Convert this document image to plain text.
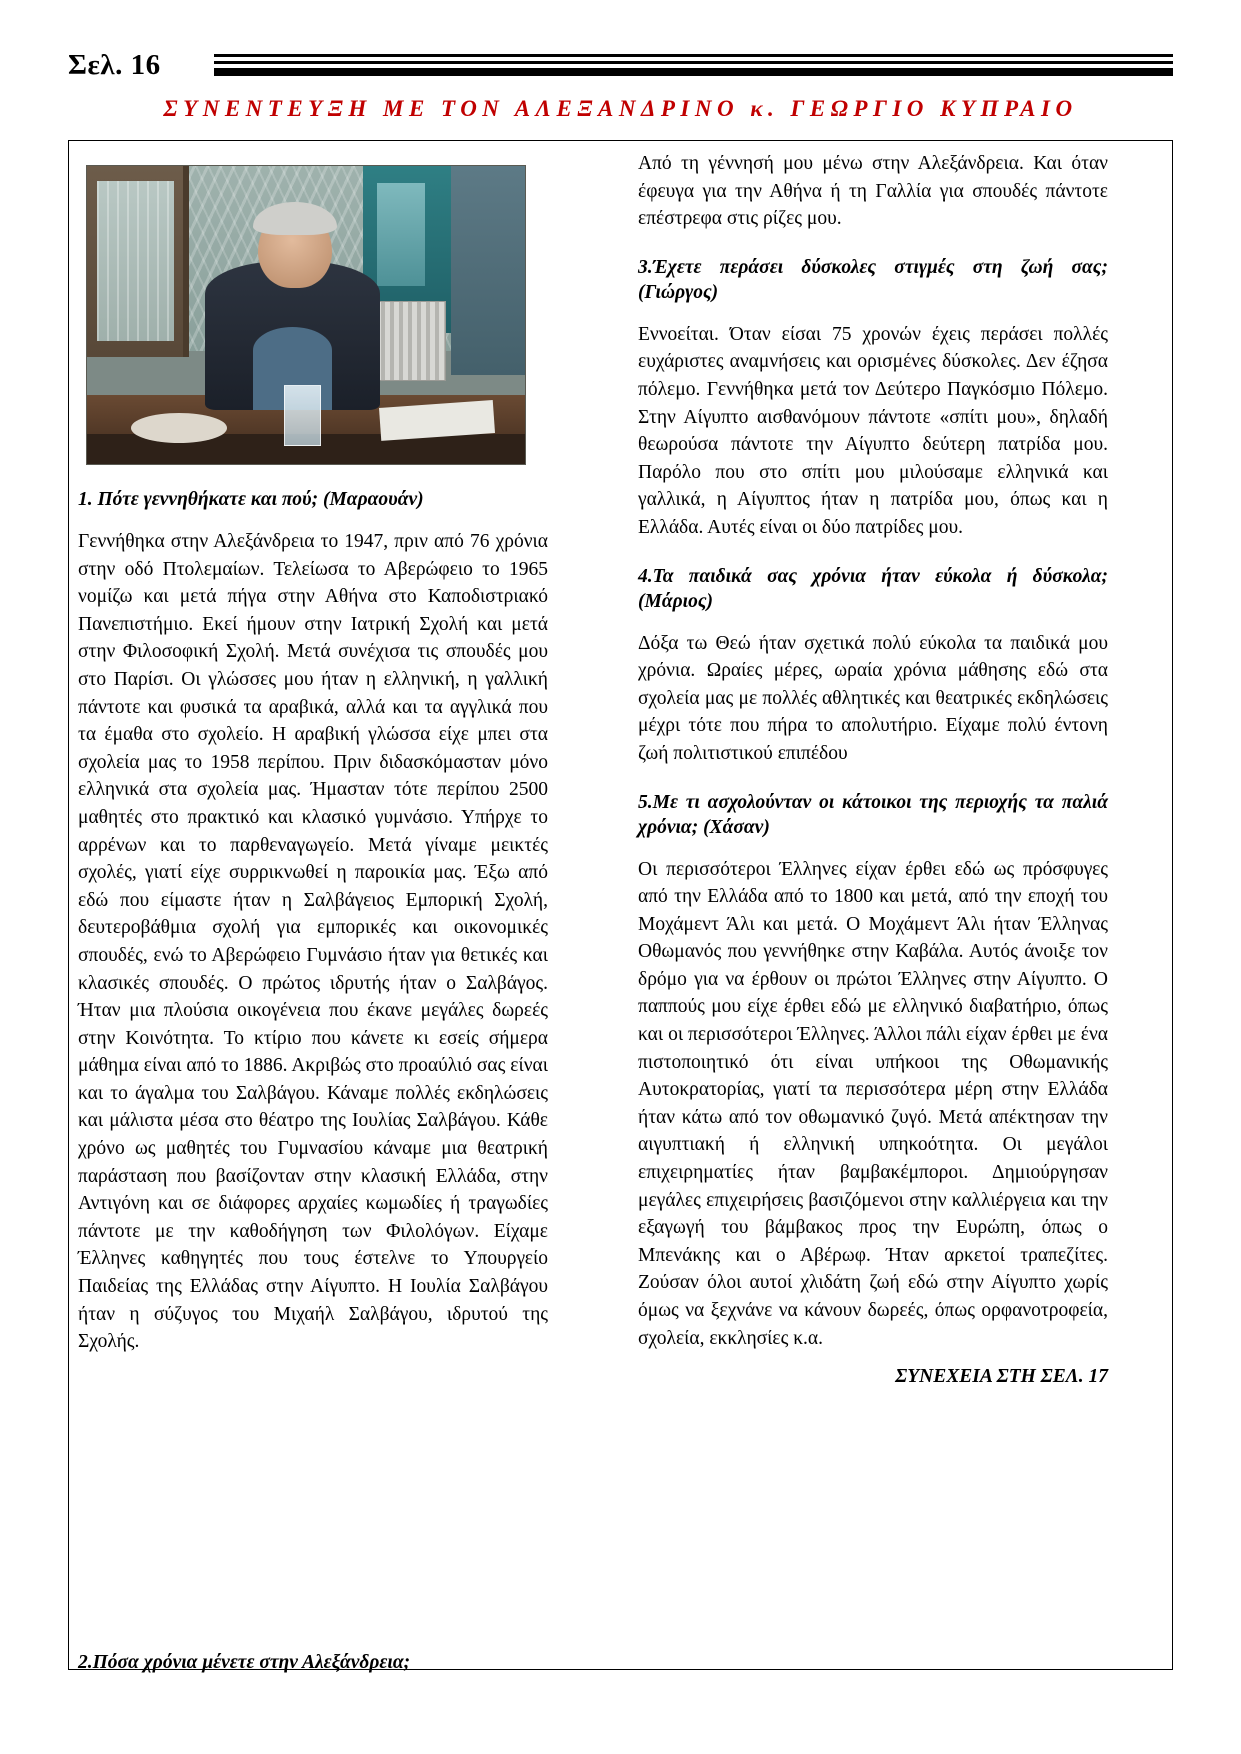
Σελ. 16
ΣΥΝΕΝΤΕΥΞΗ ΜΕ ΤΟΝ ΑΛΕΞΑΝΔΡΙΝΟ κ. ΓΕΩΡΓΙΟ ΚΥΠΡΑΙΟ
1. Πότε γεννηθήκατε και πού; (Μαραουάν)
Γεννήθηκα στην Αλεξάνδρεια το 1947, πριν από 76 χρόνια στην οδό Πτολεμαίων. Τελείωσα το Αβερώφειο το 1965 νομίζω και μετά πήγα στην Αθήνα στο Καποδιστριακό Πανεπιστήμιο. Εκεί ήμουν στην Ιατρική Σχολή και μετά στην Φιλοσοφική Σχολή. Μετά συνέχισα τις σπουδές μου στο Παρίσι. Οι γλώσσες μου ήταν η ελληνική, η γαλλική πάντοτε και φυσικά τα αραβικά, αλλά και τα αγγλικά που τα έμαθα στο σχολείο. Η αραβική γλώσσα είχε μπει στα σχολεία μας το 1958 περίπου. Πριν διδασκόμασταν μόνο ελληνικά στα σχολεία μας. Ήμασταν τότε περίπου 2500 μαθητές στο πρακτικό και κλασικό γυμνάσιο. Υπήρχε το αρρένων και το παρθεναγωγείο. Μετά γίναμε μεικτές σχολές, γιατί είχε συρρικνωθεί η παροικία μας. Έξω από εδώ που είμαστε ήταν η Σαλβάγειος Εμπορική Σχολή, δευτεροβάθμια σχολή για εμπορικές και οικονομικές σπουδές, ενώ το Αβερώφειο Γυμνάσιο ήταν για θετικές και κλασικές σπουδές. Ο πρώτος ιδρυτής ήταν ο Σαλβάγος. Ήταν μια πλούσια οικογένεια που έκανε μεγάλες δωρεές στην Κοινότητα. Το κτίριο που κάνετε κι εσείς σήμερα μάθημα είναι από το 1886. Ακριβώς στο προαύλιό σας είναι και το άγαλμα του Σαλβάγου. Κάναμε πολλές εκδηλώσεις και μάλιστα μέσα στο θέατρο της Ιουλίας Σαλβάγου. Κάθε χρόνο ως μαθητές του Γυμνασίου κάναμε μια θεατρική παράσταση που βασίζονταν στην κλασική Ελλάδα, στην Αντιγόνη και σε διάφορες αρχαίες κωμωδίες ή τραγωδίες πάντοτε με την καθοδήγηση των Φιλολόγων. Είχαμε Έλληνες καθηγητές που τους έστελνε το Υπουργείο Παιδείας της Ελλάδας στην Αίγυπτο. Η Ιουλία Σαλβάγου ήταν η σύζυγος του Μιχαήλ Σαλβάγου, ιδρυτού της Σχολής.
2.Πόσα χρόνια μένετε στην Αλεξάνδρεια;
Από τη γέννησή μου μένω στην Αλεξάνδρεια. Και όταν έφευγα για την Αθήνα ή τη Γαλλία για σπουδές πάντοτε επέστρεφα στις ρίζες μου.
3.Έχετε περάσει δύσκολες στιγμές στη ζωή σας; (Γιώργος)
Εννοείται. Όταν είσαι 75 χρονών έχεις περάσει πολλές ευχάριστες αναμνήσεις και ορισμένες δύσκολες. Δεν έζησα πόλεμο. Γεννήθηκα μετά τον Δεύτερο Παγκόσμιο Πόλεμο. Στην Αίγυπτο αισθανόμουν πάντοτε «σπίτι μου», δηλαδή θεωρούσα πάντοτε την Αίγυπτο δεύτερη πατρίδα μου. Παρόλο που στο σπίτι μου μιλούσαμε ελληνικά και γαλλικά, η Αίγυπτος ήταν η πατρίδα μου, όπως και η Ελλάδα. Αυτές είναι οι δύο πατρίδες μου.
4.Τα παιδικά σας χρόνια ήταν εύκολα ή δύσκολα; (Μάριος)
Δόξα τω Θεώ ήταν σχετικά πολύ εύκολα τα παιδικά μου χρόνια. Ωραίες μέρες, ωραία χρόνια μάθησης εδώ στα σχολεία μας με πολλές αθλητικές και θεατρικές εκδηλώσεις μέχρι τότε που πήρα το απολυτήριο. Είχαμε πολύ έντονη ζωή πολιτιστικού επιπέδου
5.Με τι ασχολούνταν οι κάτοικοι της περιοχής τα παλιά χρόνια; (Χάσαν)
Οι περισσότεροι Έλληνες είχαν έρθει εδώ ως πρόσφυγες από την Ελλάδα από το 1800 και μετά, από την εποχή του Μοχάμεντ Άλι και μετά. Ο Μοχάμεντ Άλι ήταν Έλληνας Οθωμανός που γεννήθηκε στην Καβάλα. Αυτός άνοιξε τον δρόμο για να έρθουν οι πρώτοι Έλληνες στην Αίγυπτο. Ο παππούς μου είχε έρθει εδώ με ελληνικό διαβατήριο, όπως και οι περισσότεροι Έλληνες. Άλλοι πάλι είχαν έρθει με ένα πιστοποιητικό ότι είναι υπήκοοι της Οθωμανικής Αυτοκρατορίας, γιατί τα περισσότερα μέρη στην Ελλάδα ήταν κάτω από τον οθωμανικό ζυγό. Μετά απέκτησαν την αιγυπτιακή ή ελληνική υπηκοότητα. Οι μεγάλοι επιχειρηματίες ήταν βαμβακέμποροι. Δημιούργησαν μεγάλες επιχειρήσεις βασιζόμενοι στην καλλιέργεια και την εξαγωγή του βάμβακος προς την Ευρώπη, όπως ο Μπενάκης και ο Αβέρωφ. Ήταν αρκετοί τραπεζίτες. Ζούσαν όλοι αυτοί χλιδάτη ζωή εδώ στην Αίγυπτο χωρίς όμως να ξεχνάνε να κάνουν δωρεές, όπως ορφανοτροφεία, σχολεία, εκκλησίες κ.α.
ΣΥΝΕΧΕΙΑ ΣΤΗ ΣΕΛ. 17
